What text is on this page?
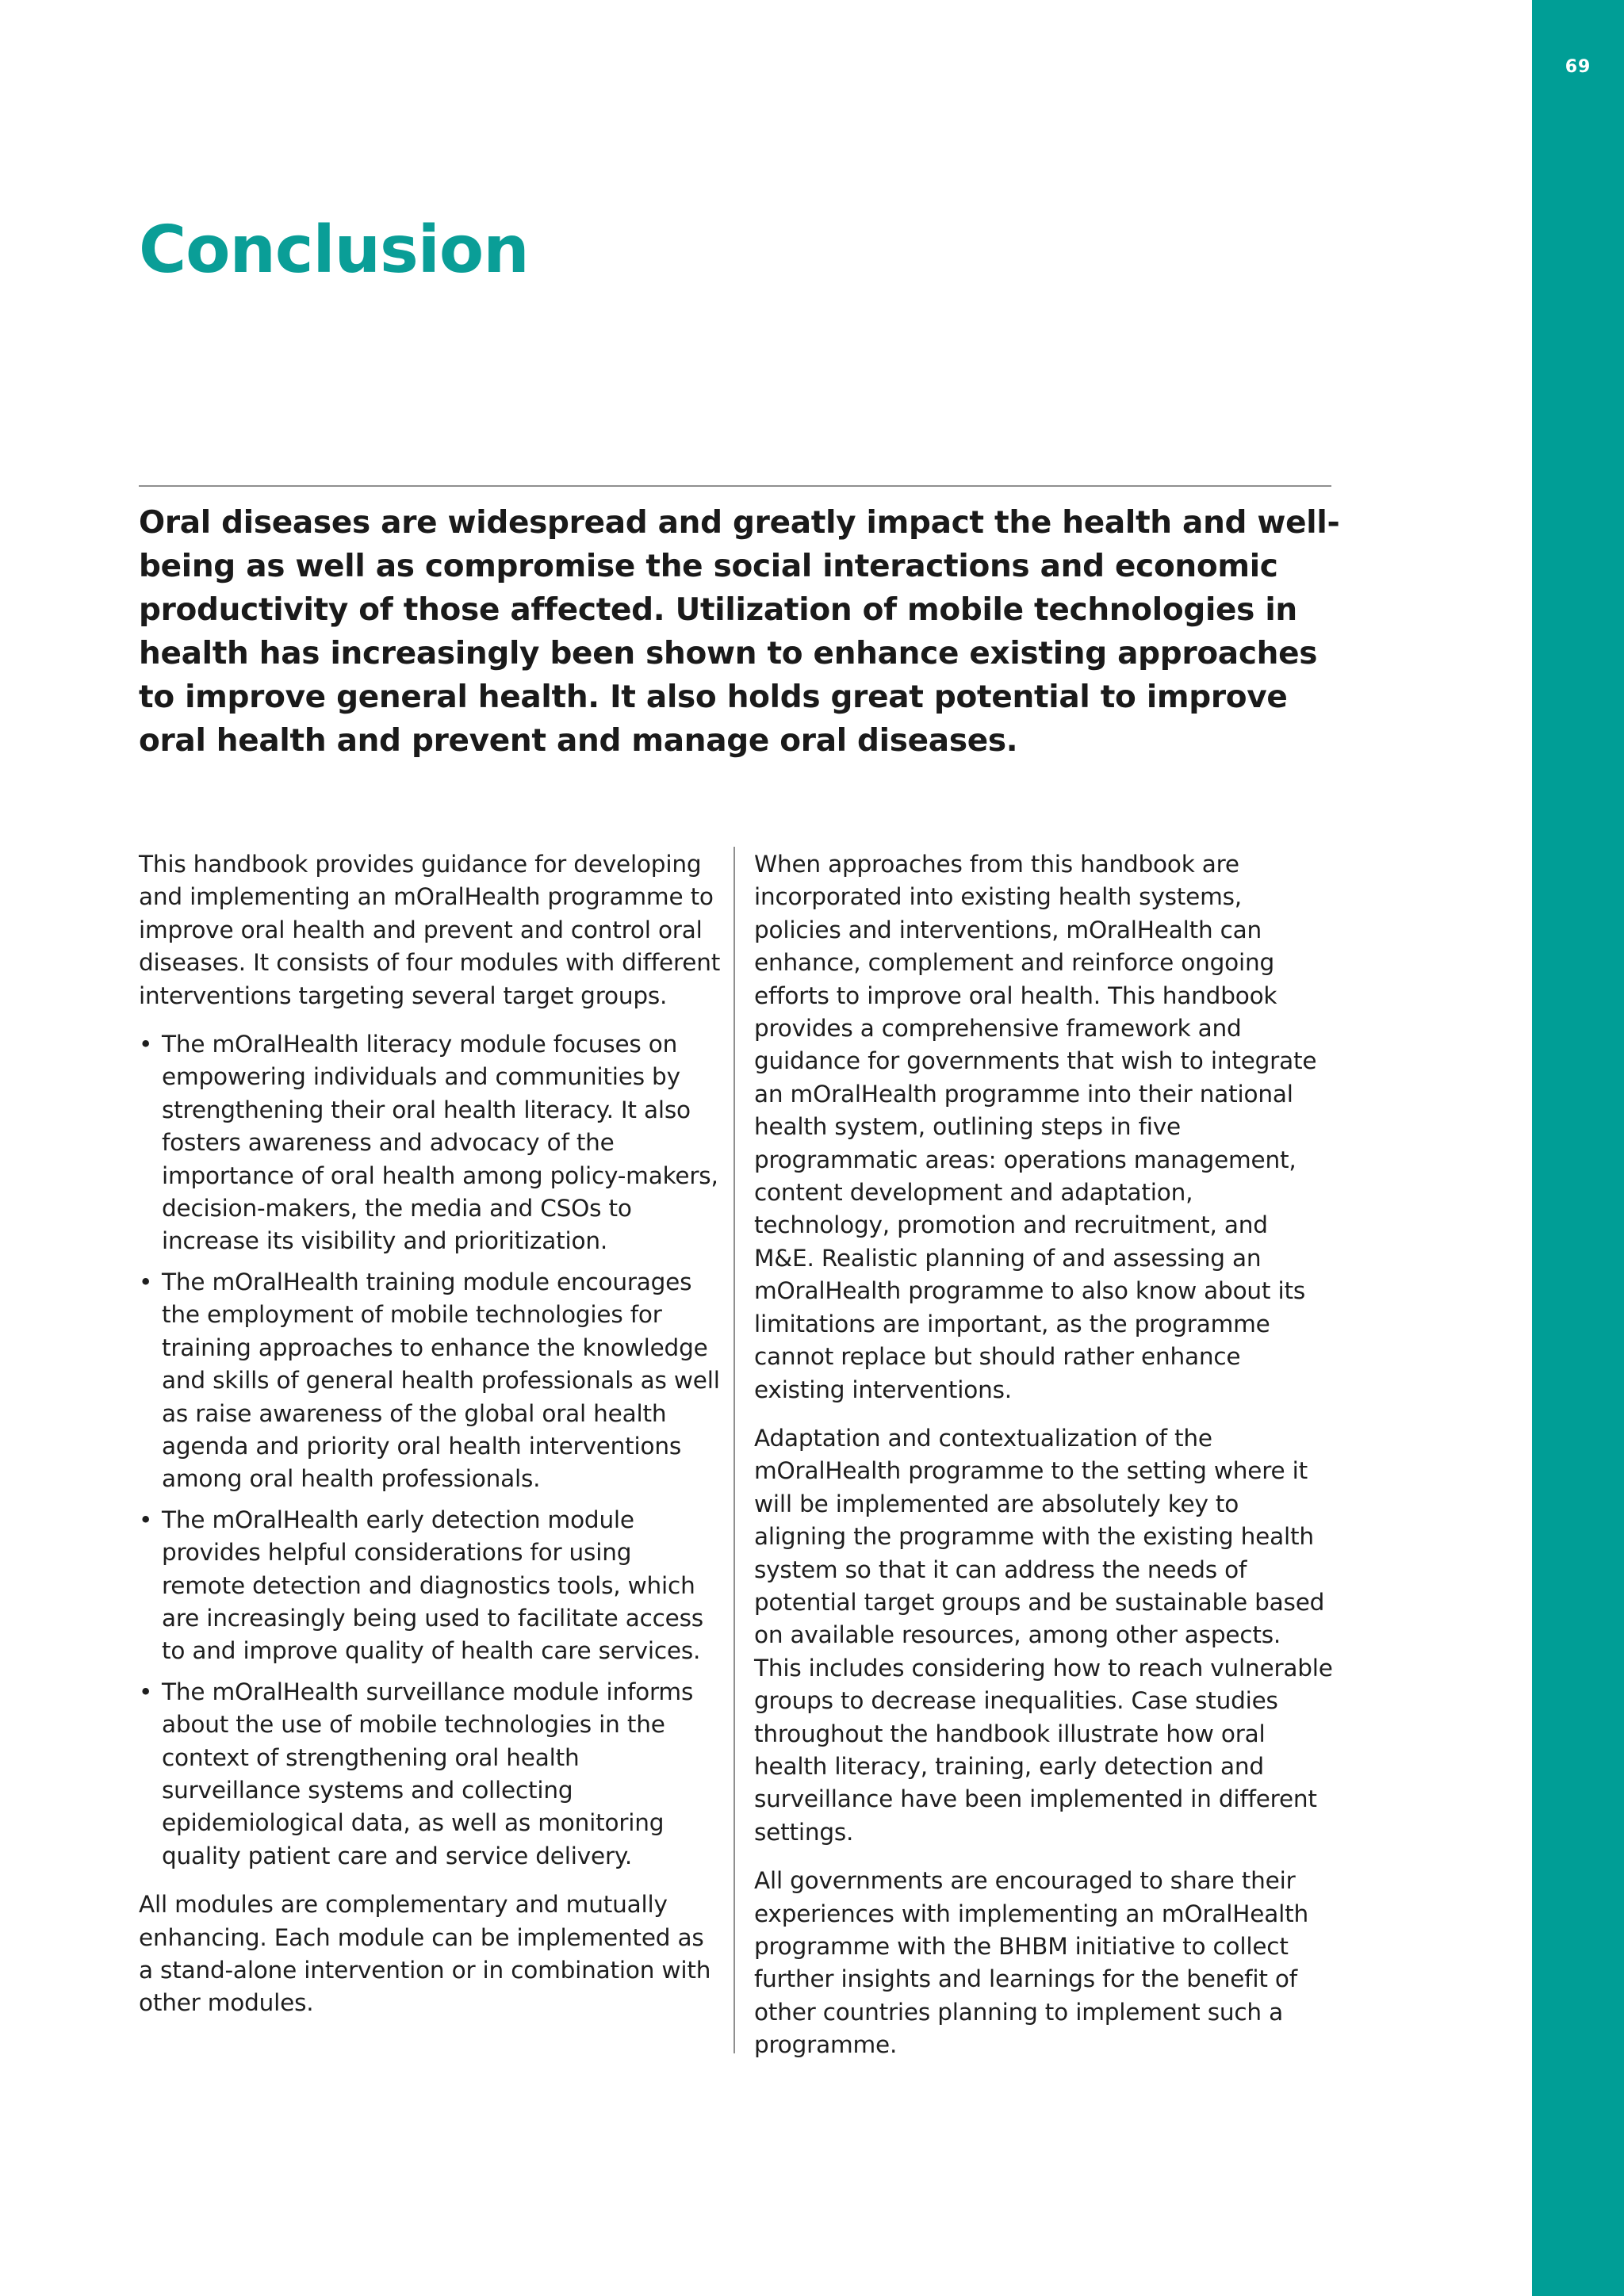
69
Conclusion

Oral diseases are widespread and greatly impact the health and well-being as well as compromise the social interactions and economic productivity of those affected. Utilization of mobile technologies in health has increasingly been shown to enhance existing approaches to improve general health. It also holds great potential to improve oral health and prevent and manage oral diseases.

This handbook provides guidance for developing and implementing an mOralHealth programme to improve oral health and prevent and control oral diseases. It consists of four modules with different interventions targeting several target groups.

• The mOralHealth literacy module focuses on empowering individuals and communities by strengthening their oral health literacy. It also fosters awareness and advocacy of the importance of oral health among policy-makers, decision-makers, the media and CSOs to increase its visibility and prioritization.
• The mOralHealth training module encourages the employment of mobile technologies for training approaches to enhance the knowledge and skills of general health professionals as well as raise awareness of the global oral health agenda and priority oral health interventions among oral health professionals.
• The mOralHealth early detection module provides helpful considerations for using remote detection and diagnostics tools, which are increasingly being used to facilitate access to and improve quality of health care services.
• The mOralHealth surveillance module informs about the use of mobile technologies in the context of strengthening oral health surveillance systems and collecting epidemiological data, as well as monitoring quality patient care and service delivery.

All modules are complementary and mutually enhancing. Each module can be implemented as a stand-alone intervention or in combination with other modules.

When approaches from this handbook are incorporated into existing health systems, policies and interventions, mOralHealth can enhance, complement and reinforce ongoing efforts to improve oral health. This handbook provides a comprehensive framework and guidance for governments that wish to integrate an mOralHealth programme into their national health system, outlining steps in five programmatic areas: operations management, content development and adaptation, technology, promotion and recruitment, and M&E. Realistic planning of and assessing an mOralHealth programme to also know about its limitations are important, as the programme cannot replace but should rather enhance existing interventions.

Adaptation and contextualization of the mOralHealth programme to the setting where it will be implemented are absolutely key to aligning the programme with the existing health system so that it can address the needs of potential target groups and be sustainable based on available resources, among other aspects. This includes considering how to reach vulnerable groups to decrease inequalities. Case studies throughout the handbook illustrate how oral health literacy, training, early detection and surveillance have been implemented in different settings.

All governments are encouraged to share their experiences with implementing an mOralHealth programme with the BHBM initiative to collect further insights and learnings for the benefit of other countries planning to implement such a programme.
